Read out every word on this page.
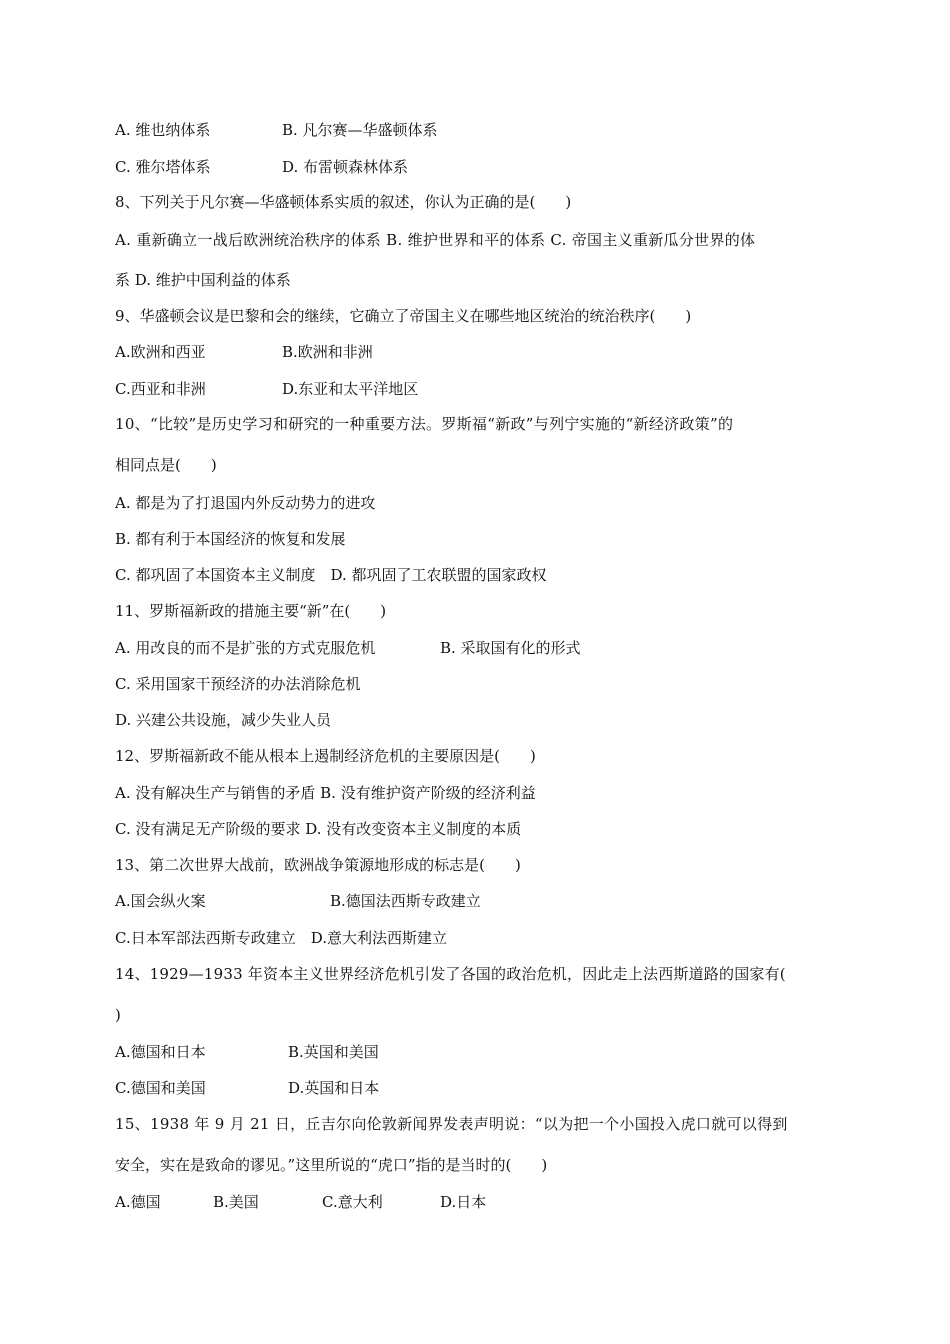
A. 维也纳体系	B. 凡尔赛—华盛顿体系
C. 雅尔塔体系	D. 布雷顿森林体系
8、下列关于凡尔赛—华盛顿体系实质的叙述，你认为正确的是(　　)
A. 重新确立一战后欧洲统治秩序的体系 B. 维护世界和平的体系 C. 帝国主义重新瓜分世界的体
系 D. 维护中国利益的体系
9、华盛顿会议是巴黎和会的继续，它确立了帝国主义在哪些地区统治的统治秩序(　　)
A.欧洲和西亚	B.欧洲和非洲
C.西亚和非洲	D.东亚和太平洋地区
10、“比较”是历史学习和研究的一种重要方法。罗斯福“新政”与列宁实施的“新经济政策”的
相同点是(　　)
A. 都是为了打退国内外反动势力的进攻
B. 都有利于本国经济的恢复和发展
C. 都巩固了本国资本主义制度　D. 都巩固了工农联盟的国家政权
11、罗斯福新政的措施主要“新”在(　　)
A. 用改良的而不是扩张的方式克服危机	B. 采取国有化的形式
C. 采用国家干预经济的办法消除危机
D. 兴建公共设施，减少失业人员
12、罗斯福新政不能从根本上遏制经济危机的主要原因是(　　)
A. 没有解决生产与销售的矛盾 B. 没有维护资产阶级的经济利益
C. 没有满足无产阶级的要求 D. 没有改变资本主义制度的本质
13、第二次世界大战前，欧洲战争策源地形成的标志是(　　)
A.国会纵火案	B.德国法西斯专政建立
C.日本军部法西斯专政建立　D.意大利法西斯建立
14、1929—1933 年资本主义世界经济危机引发了各国的政治危机，因此走上法西斯道路的国家有(
)
A.德国和日本	B.英国和美国
C.德国和美国	D.英国和日本
15、1938 年 9 月 21 日，丘吉尔向伦敦新闻界发表声明说：“以为把一个小国投入虎口就可以得到
安全，实在是致命的谬见。”这里所说的“虎口”指的是当时的(　　)
A.德国	B.美国	C.意大利	D.日本
